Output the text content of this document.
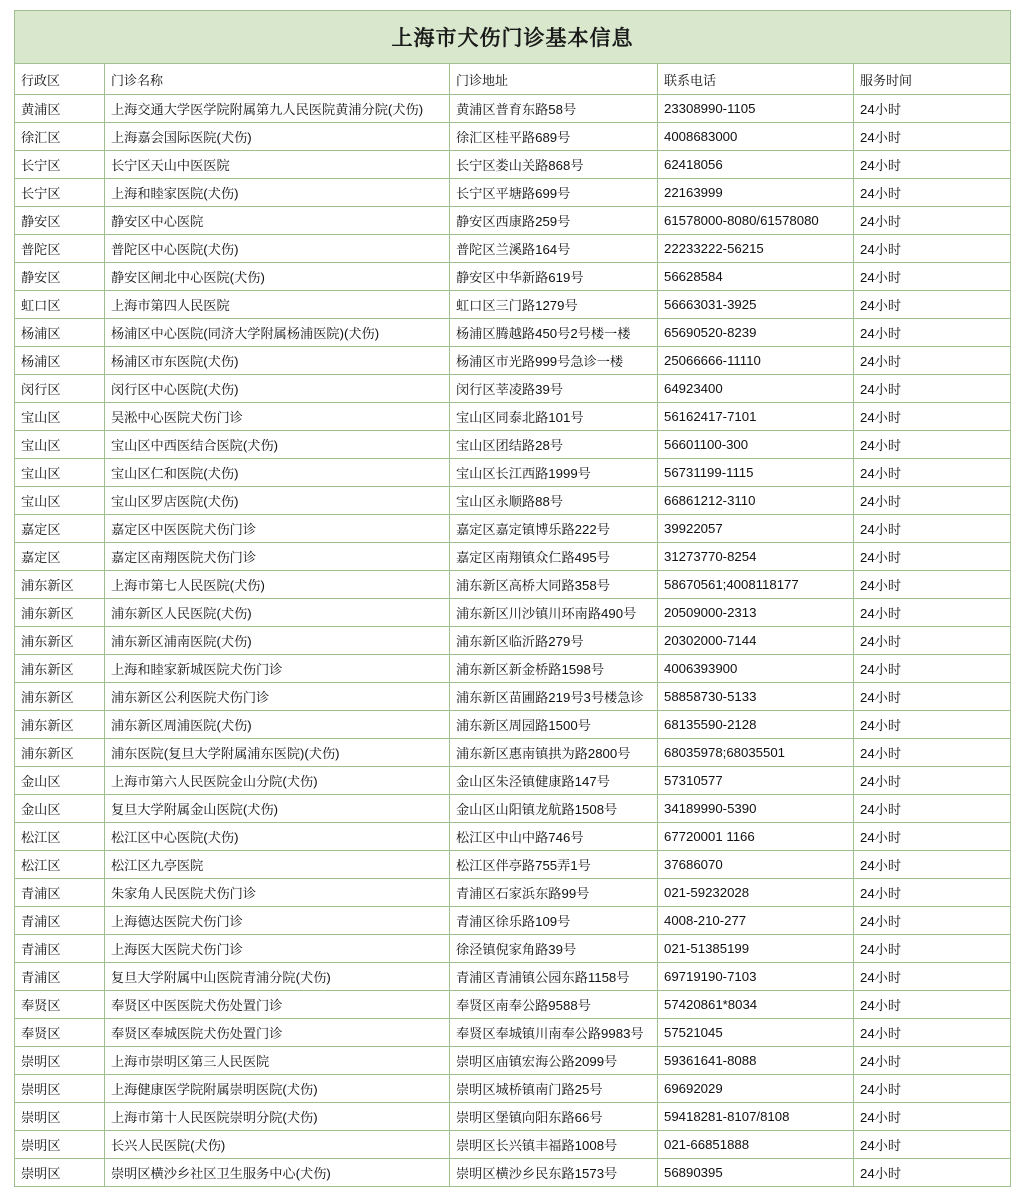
上海市犬伤门诊基本信息				
行政区	门诊名称	门诊地址	联系电话	服务时间
黄浦区	上海交通大学医学院附属第九人民医院黄浦分院(犬伤)	黄浦区普育东路58号	23308990-1105	24小时
徐汇区	上海嘉会国际医院(犬伤)	徐汇区桂平路689号	4008683000	24小时
长宁区	长宁区天山中医医院	长宁区娄山关路868号	62418056	24小时
长宁区	上海和睦家医院(犬伤)	长宁区平塘路699号	22163999	24小时
静安区	静安区中心医院	静安区西康路259号	61578000-8080/61578080	24小时
普陀区	普陀区中心医院(犬伤)	普陀区兰溪路164号	22233222-56215	24小时
静安区	静安区闸北中心医院(犬伤)	静安区中华新路619号	56628584	24小时
虹口区	上海市第四人民医院	虹口区三门路1279号	56663031-3925	24小时
杨浦区	杨浦区中心医院(同济大学附属杨浦医院)(犬伤)	杨浦区腾越路450号2号楼一楼	65690520-8239	24小时
杨浦区	杨浦区市东医院(犬伤)	杨浦区市光路999号急诊一楼	25066666-11110	24小时
闵行区	闵行区中心医院(犬伤)	闵行区莘凌路39号	64923400	24小时
宝山区	吴淞中心医院犬伤门诊	宝山区同泰北路101号	56162417-7101	24小时
宝山区	宝山区中西医结合医院(犬伤)	宝山区团结路28号	56601100-300	24小时
宝山区	宝山区仁和医院(犬伤)	宝山区长江西路1999号	56731199-1115	24小时
宝山区	宝山区罗店医院(犬伤)	宝山区永顺路88号	66861212-3110	24小时
嘉定区	嘉定区中医医院犬伤门诊	嘉定区嘉定镇博乐路222号	39922057	24小时
嘉定区	嘉定区南翔医院犬伤门诊	嘉定区南翔镇众仁路495号	31273770-8254	24小时
浦东新区	上海市第七人民医院(犬伤)	浦东新区高桥大同路358号	58670561;4008118177	24小时
浦东新区	浦东新区人民医院(犬伤)	浦东新区川沙镇川环南路490号	20509000-2313	24小时
浦东新区	浦东新区浦南医院(犬伤)	浦东新区临沂路279号	20302000-7144	24小时
浦东新区	上海和睦家新城医院犬伤门诊	浦东新区新金桥路1598号	4006393900	24小时
浦东新区	浦东新区公利医院犬伤门诊	浦东新区苗圃路219号3号楼急诊	58858730-5133	24小时
浦东新区	浦东新区周浦医院(犬伤)	浦东新区周园路1500号	68135590-2128	24小时
浦东新区	浦东医院(复旦大学附属浦东医院)(犬伤)	浦东新区惠南镇拱为路2800号	68035978;68035501	24小时
金山区	上海市第六人民医院金山分院(犬伤)	金山区朱泾镇健康路147号	57310577	24小时
金山区	复旦大学附属金山医院(犬伤)	金山区山阳镇龙航路1508号	34189990-5390	24小时
松江区	松江区中心医院(犬伤)	松江区中山中路746号	67720001 1166	24小时
松江区	松江区九亭医院	松江区伴亭路755弄1号	37686070	24小时
青浦区	朱家角人民医院犬伤门诊	青浦区石家浜东路99号	021-59232028	24小时
青浦区	上海德达医院犬伤门诊	青浦区徐乐路109号	4008-210-277	24小时
青浦区	上海医大医院犬伤门诊	徐泾镇倪家角路39号	021-51385199	24小时
青浦区	复旦大学附属中山医院青浦分院(犬伤)	青浦区青浦镇公园东路1158号	69719190-7103	24小时
奉贤区	奉贤区中医医院犬伤处置门诊	奉贤区南奉公路9588号	57420861*8034	24小时
奉贤区	奉贤区奉城医院犬伤处置门诊	奉贤区奉城镇川南奉公路9983号	57521045	24小时
崇明区	上海市崇明区第三人民医院	崇明区庙镇宏海公路2099号	59361641-8088	24小时
崇明区	上海健康医学院附属崇明医院(犬伤)	崇明区城桥镇南门路25号	69692029	24小时
崇明区	上海市第十人民医院崇明分院(犬伤)	崇明区堡镇向阳东路66号	59418281-8107/8108	24小时
崇明区	长兴人民医院(犬伤)	崇明区长兴镇丰福路1008号	021-66851888	24小时
崇明区	崇明区横沙乡社区卫生服务中心(犬伤)	崇明区横沙乡民东路1573号	56890395	24小时
